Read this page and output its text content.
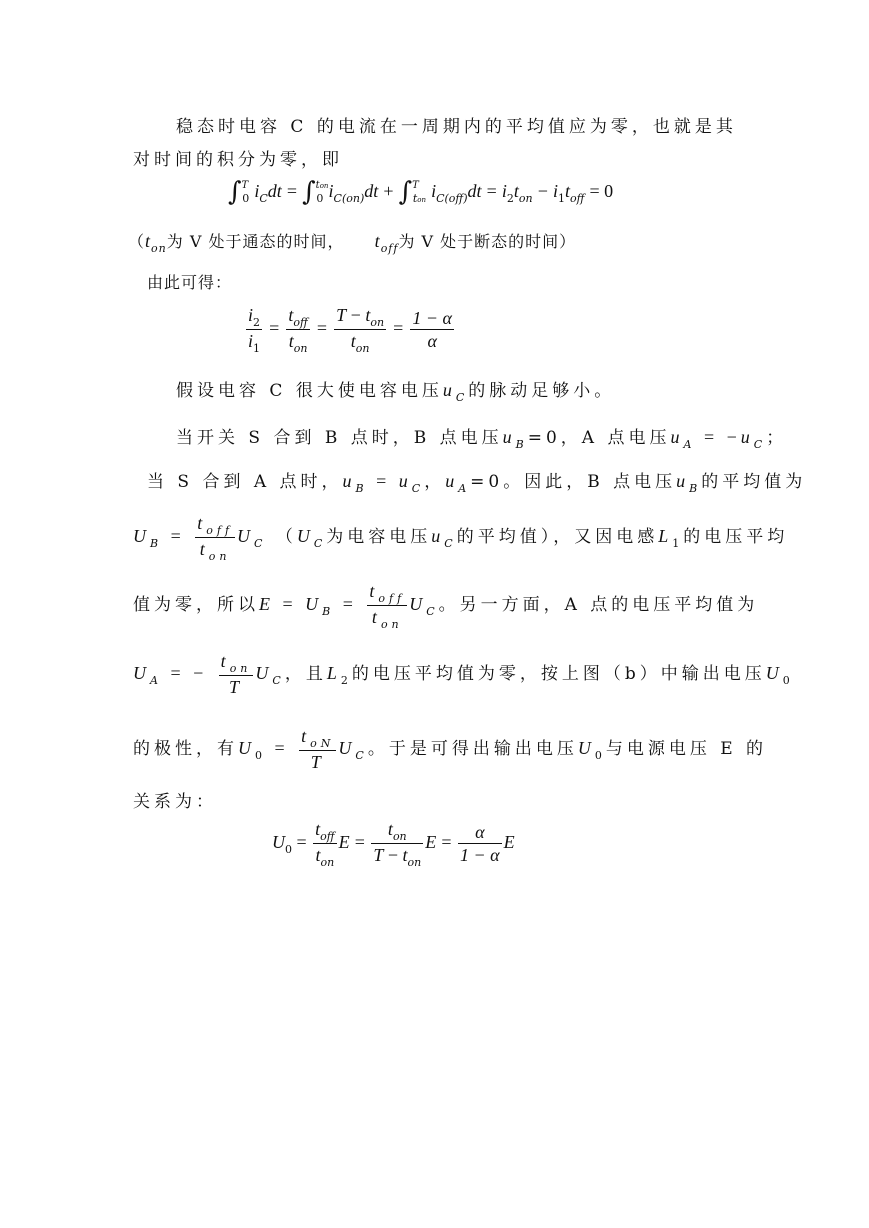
稳态时电容 C 的电流在一周期内的平均值应为零，也就是其
对时间的积分为零，即
∫$^T_0$ $i_Cdt = \int^{ton}_0$ $i_{C(on)}dt + \int^T_{ton}$ $i_{C(off)}dt = i_2t_{on} - i_1t_{off} = 0$
（$t_{on}$为 V 处于通态的时间， $t_{off}$为 V 处于断态的时间）
由此可得：
$\frac{i_2}{i_1} = \frac{t_{off}}{t_{on}} = \frac{T - t_{on}}{t_{on}} = \frac{1 - \alpha}{\alpha}$
假设电容 C 很大使电容电压$u_C$的脉动足够小。
当开关 S 合到 B 点时，B 点电压$u_B=0$，A 点电压$u_A = -u_C$；
当 S 合到 A 点时，$u_B = u_C$，$u_A=0$。因此，B 点电压$u_B$的平均值为
$U_B = \frac{t_{off}}{t_{on}} U_C$ （$U_C$为电容电压$u_C$的平均值），又因电感$L_1$的电压平均
值为零，所以$E = U_B = \frac{t_{off}}{t_{on}} U_C$。另一方面，A 点的电压平均值为
$U_A$ = − $\frac{t_{on}}{T} U_C$，且$L_2$的电压平均值为零，按上图（b）中输出电压$U_0$
的极性，有$U_0 = \frac{t_{oN}}{T} U_C$。于是可得出输出电压$U_0$与电源电压 E 的
关系为：
$U_0 = \frac{t_{off}}{t_{on}}$ $E = \frac{t_{on}}{T - t_{on}}$ $E = \frac{\alpha}{1 - \alpha}$ E
